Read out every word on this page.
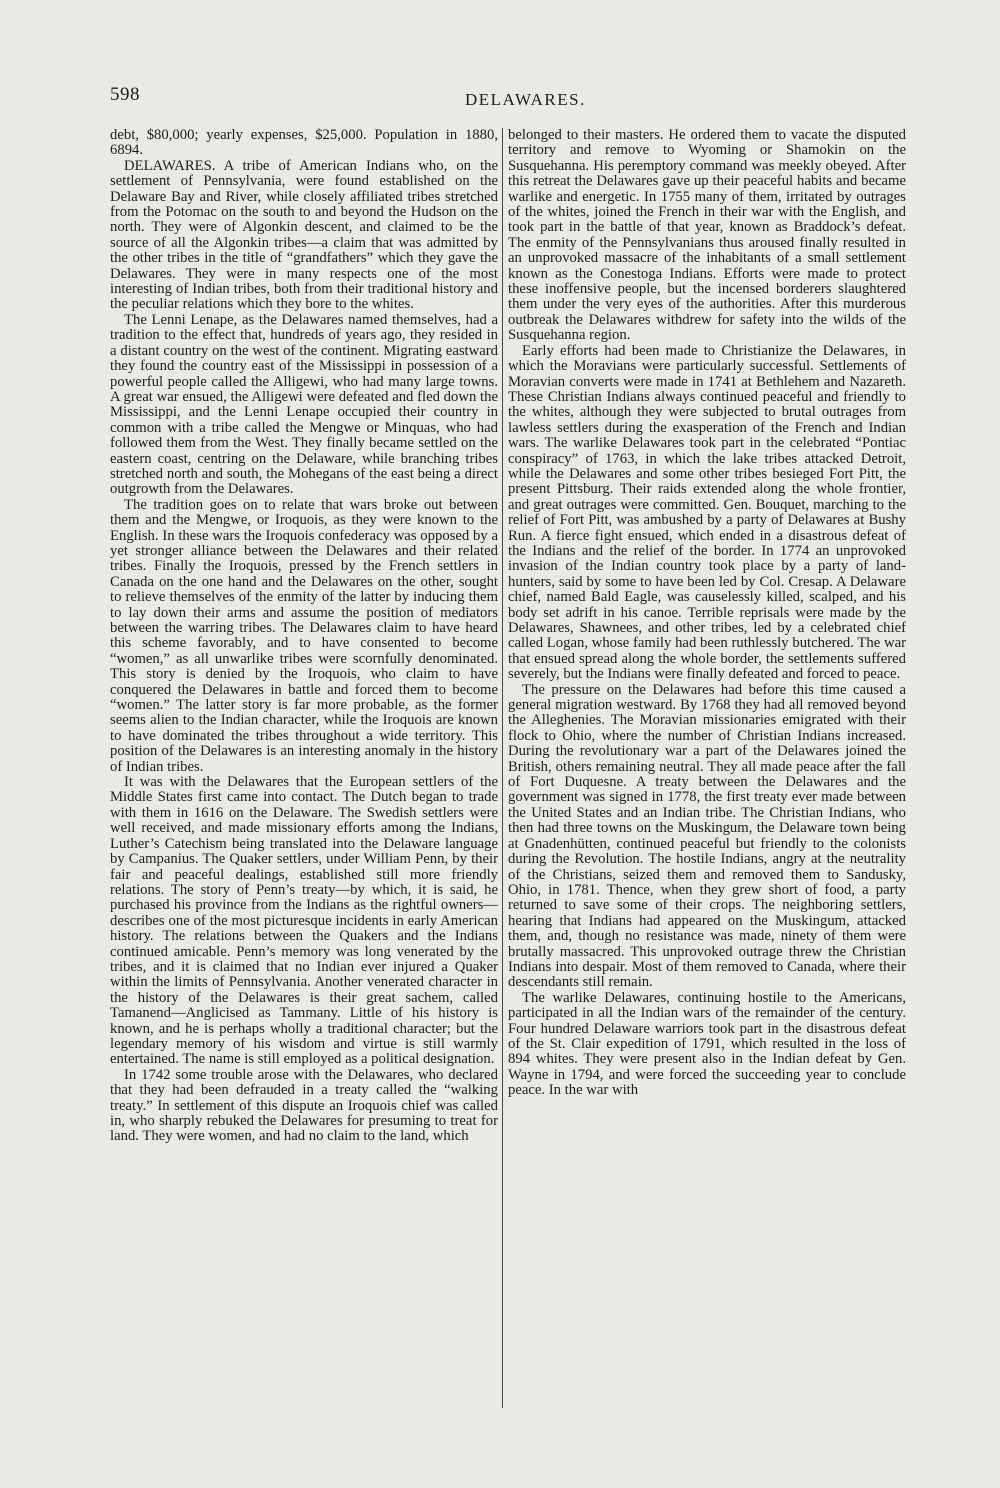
598	DELAWARES.

debt, $80,000; yearly expenses, $25,000. Population in 1880, 6894.

DELAWARES. A tribe of American Indians who, on the settlement of Pennsylvania, were found established on the Delaware Bay and River, while closely affiliated tribes stretched from the Potomac on the south to and beyond the Hudson on the north. They were of Algonkin descent, and claimed to be the source of all the Algonkin tribes—a claim that was admitted by the other tribes in the title of “grandfathers” which they gave the Delawares. They were in many respects one of the most interesting of Indian tribes, both from their traditional history and the peculiar relations which they bore to the whites.

The Lenni Lenape, as the Delawares named themselves, had a tradition to the effect that, hundreds of years ago, they resided in a distant country on the west of the continent. Migrating eastward they found the country east of the Mississippi in possession of a powerful people called the Alligewi, who had many large towns. A great war ensued, the Alligewi were defeated and fled down the Mississippi, and the Lenni Lenape occupied their country in common with a tribe called the Mengwe or Minquas, who had followed them from the West. They finally became settled on the eastern coast, centring on the Delaware, while branching tribes stretched north and south, the Mohegans of the east being a direct outgrowth from the Delawares.

The tradition goes on to relate that wars broke out between them and the Mengwe, or Iroquois, as they were known to the English. In these wars the Iroquois confederacy was opposed by a yet stronger alliance between the Delawares and their related tribes. Finally the Iroquois, pressed by the French settlers in Canada on the one hand and the Delawares on the other, sought to relieve themselves of the enmity of the latter by inducing them to lay down their arms and assume the position of mediators between the warring tribes. The Delawares claim to have heard this scheme favorably, and to have consented to become “women,” as all unwarlike tribes were scornfully denominated. This story is denied by the Iroquois, who claim to have conquered the Delawares in battle and forced them to become “women.” The latter story is far more probable, as the former seems alien to the Indian character, while the Iroquois are known to have dominated the tribes throughout a wide territory. This position of the Delawares is an interesting anomaly in the history of Indian tribes.

It was with the Delawares that the European settlers of the Middle States first came into contact. The Dutch began to trade with them in 1616 on the Delaware. The Swedish settlers were well received, and made missionary efforts among the Indians, Luther’s Catechism being translated into the Delaware language by Campanius. The Quaker settlers, under William Penn, by their fair and peaceful dealings, established still more friendly relations. The story of Penn’s treaty—by which, it is said, he purchased his province from the Indians as the rightful owners—describes one of the most picturesque incidents in early American history. The relations between the Quakers and the Indians continued amicable. Penn’s memory was long venerated by the tribes, and it is claimed that no Indian ever injured a Quaker within the limits of Pennsylvania. Another venerated character in the history of the Delawares is their great sachem, called Tamanend—Anglicised as Tammany. Little of his history is known, and he is perhaps wholly a traditional character; but the legendary memory of his wisdom and virtue is still warmly entertained. The name is still employed as a political designation.

In 1742 some trouble arose with the Delawares, who declared that they had been defrauded in a treaty called the “walking treaty.” In settlement of this dispute an Iroquois chief was called in, who sharply rebuked the Delawares for presuming to treat for land. They were women, and had no claim to the land, which

belonged to their masters. He ordered them to vacate the disputed territory and remove to Wyoming or Shamokin on the Susquehanna. His peremptory command was meekly obeyed. After this retreat the Delawares gave up their peaceful habits and became warlike and energetic. In 1755 many of them, irritated by outrages of the whites, joined the French in their war with the English, and took part in the battle of that year, known as Braddock’s defeat. The enmity of the Pennsylvanians thus aroused finally resulted in an unprovoked massacre of the inhabitants of a small settlement known as the Conestoga Indians. Efforts were made to protect these inoffensive people, but the incensed borderers slaughtered them under the very eyes of the authorities. After this murderous outbreak the Delawares withdrew for safety into the wilds of the Susquehanna region.

Early efforts had been made to Christianize the Delawares, in which the Moravians were particularly successful. Settlements of Moravian converts were made in 1741 at Bethlehem and Nazareth. These Christian Indians always continued peaceful and friendly to the whites, although they were subjected to brutal outrages from lawless settlers during the exasperation of the French and Indian wars. The warlike Delawares took part in the celebrated “Pontiac conspiracy” of 1763, in which the lake tribes attacked Detroit, while the Delawares and some other tribes besieged Fort Pitt, the present Pittsburg. Their raids extended along the whole frontier, and great outrages were committed. Gen. Bouquet, marching to the relief of Fort Pitt, was ambushed by a party of Delawares at Bushy Run. A fierce fight ensued, which ended in a disastrous defeat of the Indians and the relief of the border. In 1774 an unprovoked invasion of the Indian country took place by a party of land-hunters, said by some to have been led by Col. Cresap. A Delaware chief, named Bald Eagle, was causelessly killed, scalped, and his body set adrift in his canoe. Terrible reprisals were made by the Delawares, Shawnees, and other tribes, led by a celebrated chief called Logan, whose family had been ruthlessly butchered. The war that ensued spread along the whole border, the settlements suffered severely, but the Indians were finally defeated and forced to peace.

The pressure on the Delawares had before this time caused a general migration westward. By 1768 they had all removed beyond the Alleghenies. The Moravian missionaries emigrated with their flock to Ohio, where the number of Christian Indians increased. During the revolutionary war a part of the Delawares joined the British, others remaining neutral. They all made peace after the fall of Fort Duquesne. A treaty between the Delawares and the government was signed in 1778, the first treaty ever made between the United States and an Indian tribe. The Christian Indians, who then had three towns on the Muskingum, the Delaware town being at Gnadenhütten, continued peaceful but friendly to the colonists during the Revolution. The hostile Indians, angry at the neutrality of the Christians, seized them and removed them to Sandusky, Ohio, in 1781. Thence, when they grew short of food, a party returned to save some of their crops. The neighboring settlers, hearing that Indians had appeared on the Muskingum, attacked them, and, though no resistance was made, ninety of them were brutally massacred. This unprovoked outrage threw the Christian Indians into despair. Most of them removed to Canada, where their descendants still remain.

The warlike Delawares, continuing hostile to the Americans, participated in all the Indian wars of the remainder of the century. Four hundred Delaware warriors took part in the disastrous defeat of the St. Clair expedition of 1791, which resulted in the loss of 894 whites. They were present also in the Indian defeat by Gen. Wayne in 1794, and were forced the succeeding year to conclude peace. In the war with
